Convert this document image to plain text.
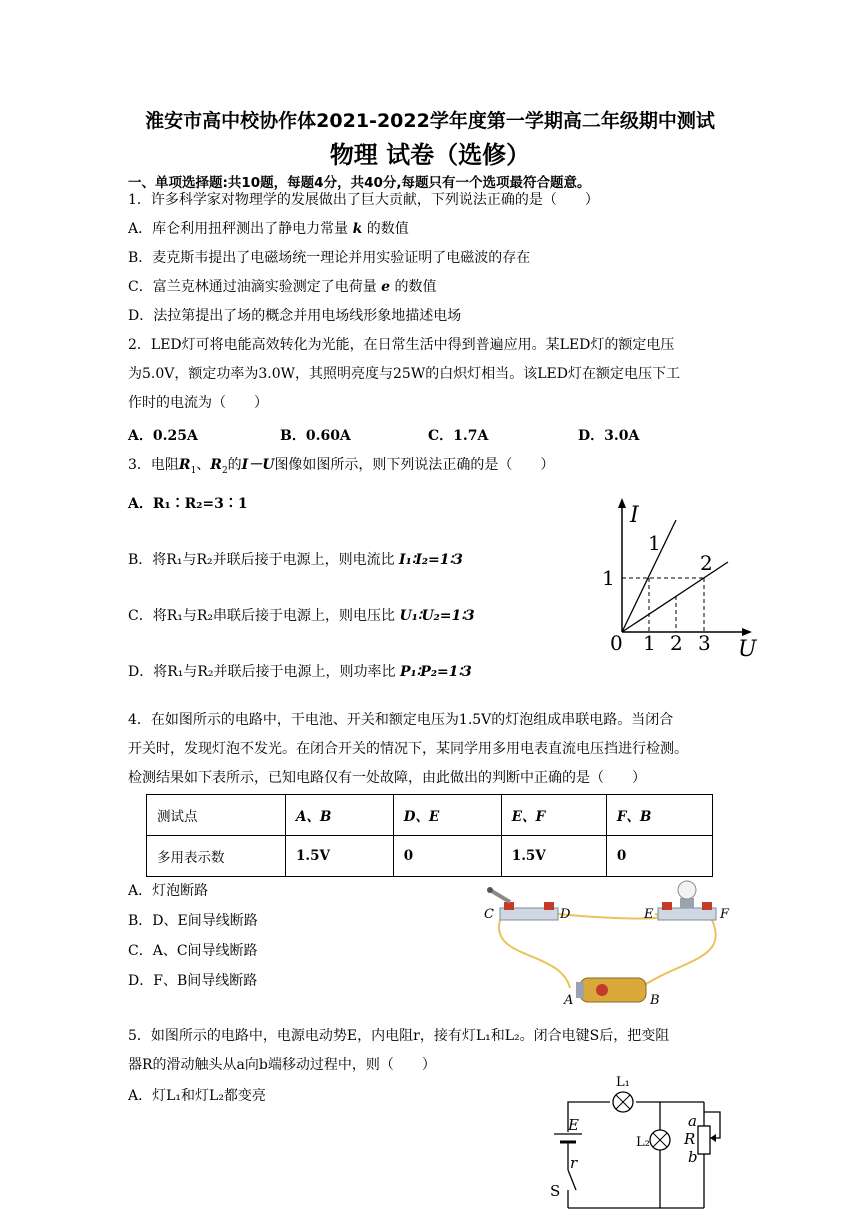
淮安市高中校协作体2021-2022学年度第一学期高二年级期中测试
物理 试卷（选修）
一、单项选择题:共10题，每题4分，共40分,每题只有一个选项最符合题意。
1．许多科学家对物理学的发展做出了巨大贡献，下列说法正确的是（　　）
A．库仑利用扭秤测出了静电力常量 k 的数值
B．麦克斯韦提出了电磁场统一理论并用实验证明了电磁波的存在
C．富兰克林通过油滴实验测定了电荷量 e 的数值
D．法拉第提出了场的概念并用电场线形象地描述电场
2．LED灯可将电能高效转化为光能，在日常生活中得到普遍应用。某LED灯的额定电压
为5.0V，额定功率为3.0W，其照明亮度与25W的白炽灯相当。该LED灯在额定电压下工
作时的电流为（　　）
A．0.25A	B．0.60A	C．1.7A	D．3.0A
3．电阻$R_1$、$R_2$的I－U图像如图所示，则下列说法正确的是（　　）
A．R₁∶R₂=3∶1
B．将R₁与R₂并联后接于电源上，则电流比 I₁∶I₂=1∶3
C．将R₁与R₂串联后接于电源上，则电压比 U₁∶U₂=1∶3
D．将R₁与R₂并联后接于电源上，则功率比 P₁∶P₂=1∶3
I
U
0 1 2 3
1
1
2
4．在如图所示的电路中，干电池、开关和额定电压为1.5V的灯泡组成串联电路。当闭合
开关时，发现灯泡不发光。在闭合开关的情况下，某同学用多用电表直流电压挡进行检测。
检测结果如下表所示，已知电路仅有一处故障，由此做出的判断中正确的是（　　）
测试点	A、B	D、E	E、F	F、B
多用表示数	1.5V	0	1.5V	0
A．灯泡断路
B．D、E间导线断路
C．A、C间导线断路
D．F、B间导线断路
C	D	E	F
A	B
5．如图所示的电路中，电源电动势E，内电阻r，接有灯L₁和L₂。闭合电键S后，把变阻
器R的滑动触头从a向b端移动过程中，则（　　）
A．灯L₁和灯L₂都变亮
L₁
E
r
S
L₂
a
R
b
